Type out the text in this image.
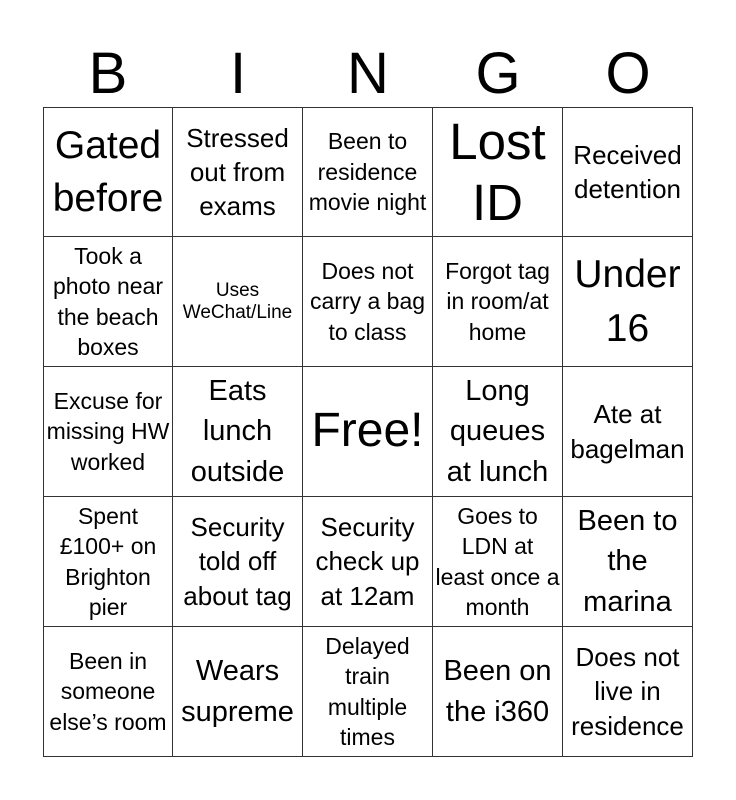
B	I	N	G	O
Gated before
Stressed out from exams
Been to residence movie night
Lost ID
Received detention
Took a photo near the beach boxes
Uses WeChat/Line
Does not carry a bag to class
Forgot tag in room/at home
Under 16
Excuse for missing HW worked
Eats lunch outside
Free!
Long queues at lunch
Ate at bagelman
Spent £100+ on Brighton pier
Security told off about tag
Security check up at 12am
Goes to LDN at least once a month
Been to the marina
Been in someone else’s room
Wears supreme
Delayed train multiple times
Been on the i360
Does not live in residence
